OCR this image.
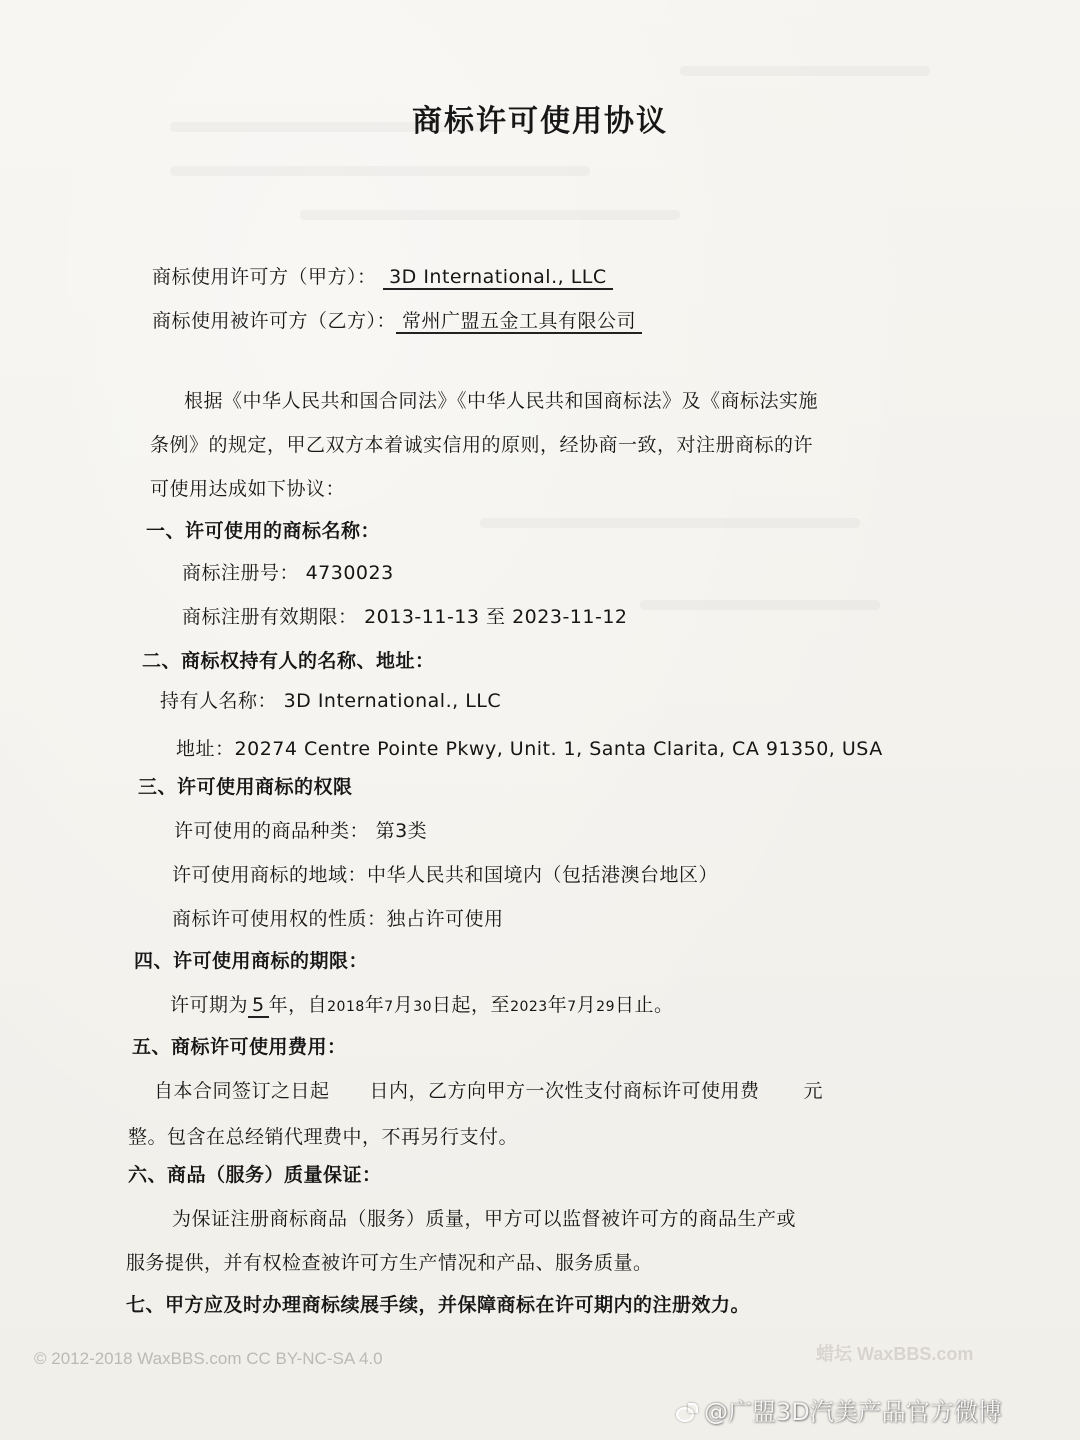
商标许可使用协议
商标使用许可方（甲方）： 3D International., LLC
商标使用被许可方（乙方）： 常州广盟五金工具有限公司
根据《中华人民共和国合同法》《中华人民共和国商标法》及《商标法实施
条例》的规定，甲乙双方本着诚实信用的原则，经协商一致，对注册商标的许
可使用达成如下协议：
一、许可使用的商标名称：
商标注册号： 4730023
商标注册有效期限： 2013-11-13 至 2023-11-12
二、商标权持有人的名称、地址：
持有人名称： 3D International., LLC
地址：20274 Centre Pointe Pkwy, Unit. 1, Santa Clarita, CA 91350, USA
三、许可使用商标的权限
许可使用的商品种类： 第3类
许可使用商标的地域：中华人民共和国境内（包括港澳台地区）
商标许可使用权的性质：独占许可使用
四、许可使用商标的期限：
许可期为 5 年，自2018年7月30日起，至2023年7月29日止。
五、商标许可使用费用：
自本合同签订之日起 日内，乙方向甲方一次性支付商标许可使用费 元
整。包含在总经销代理费中，不再另行支付。
六、商品（服务）质量保证：
为保证注册商标商品（服务）质量，甲方可以监督被许可方的商品生产或
服务提供，并有权检查被许可方生产情况和产品、服务质量。
七、甲方应及时办理商标续展手续，并保障商标在许可期内的注册效力。
© 2012-2018 WaxBBS.com CC BY-NC-SA 4.0	蜡坛 WaxBBS.com
@广盟3D汽美产品官方微博
